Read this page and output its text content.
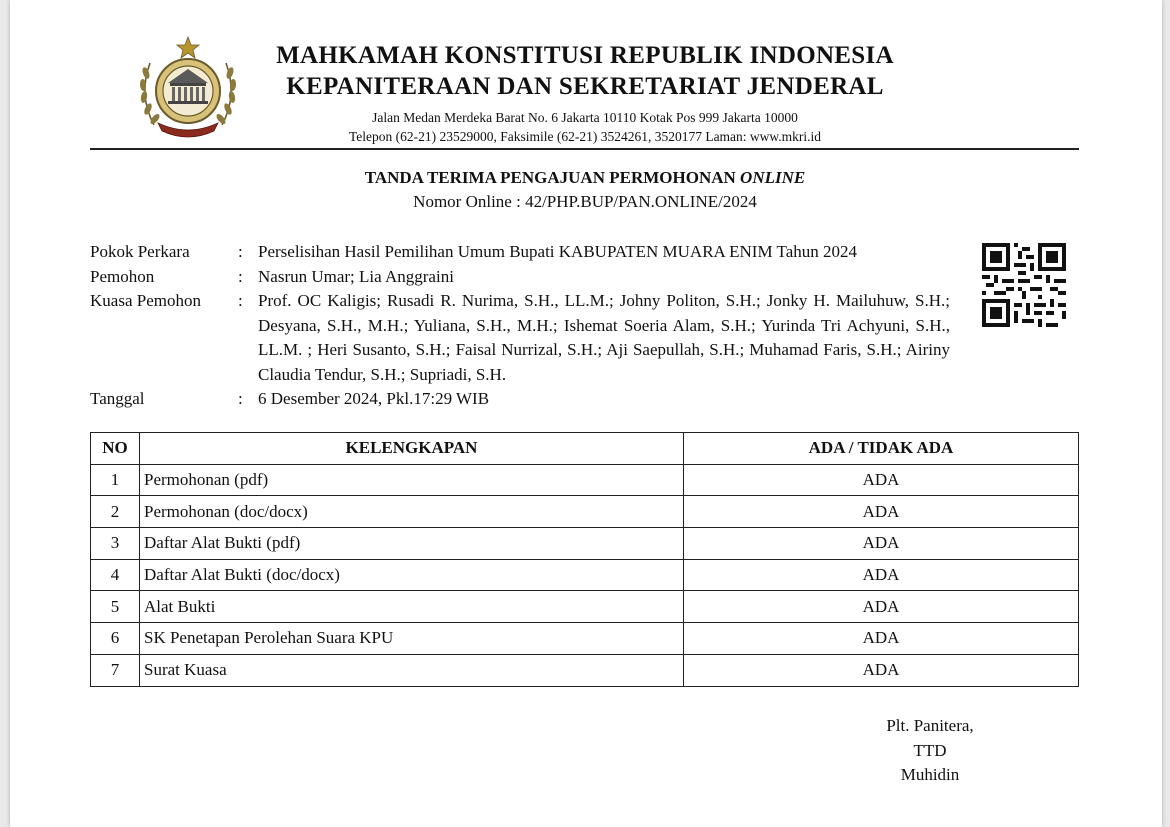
MAHKAMAH KONSTITUSI REPUBLIK INDONESIA
KEPANITERAAN DAN SEKRETARIAT JENDERAL
Jalan Medan Merdeka Barat No. 6 Jakarta 10110 Kotak Pos 999 Jakarta 10000
Telepon (62-21) 23529000, Faksimile (62-21) 3524261, 3520177 Laman: www.mkri.id
TANDA TERIMA PENGAJUAN PERMOHONAN ONLINE
Nomor Online : 42/PHP.BUP/PAN.ONLINE/2024
Pokok Perkara	: Perselisihan Hasil Pemilihan Umum Bupati KABUPATEN MUARA ENIM Tahun 2024
Pemohon	: Nasrun Umar; Lia Anggraini
Kuasa Pemohon	: Prof. OC Kaligis; Rusadi R. Nurima, S.H., LL.M.; Johny Politon, S.H.; Jonky H. Mailuhuw, S.H.; Desyana, S.H., M.H.; Yuliana, S.H., M.H.; Ishemat Soeria Alam, S.H.; Yurinda Tri Achyuni, S.H., LL.M. ; Heri Susanto, S.H.; Faisal Nurrizal, S.H.; Aji Saepullah, S.H.; Muhamad Faris, S.H.; Airiny Claudia Tendur, S.H.; Supriadi, S.H.
Tanggal	: 6 Desember 2024, Pkl.17:29 WIB
NO	KELENGKAPAN	ADA / TIDAK ADA
1	Permohonan (pdf)	ADA
2	Permohonan (doc/docx)	ADA
3	Daftar Alat Bukti (pdf)	ADA
4	Daftar Alat Bukti (doc/docx)	ADA
5	Alat Bukti	ADA
6	SK Penetapan Perolehan Suara KPU	ADA
7	Surat Kuasa	ADA
Plt. Panitera,
TTD
Muhidin
